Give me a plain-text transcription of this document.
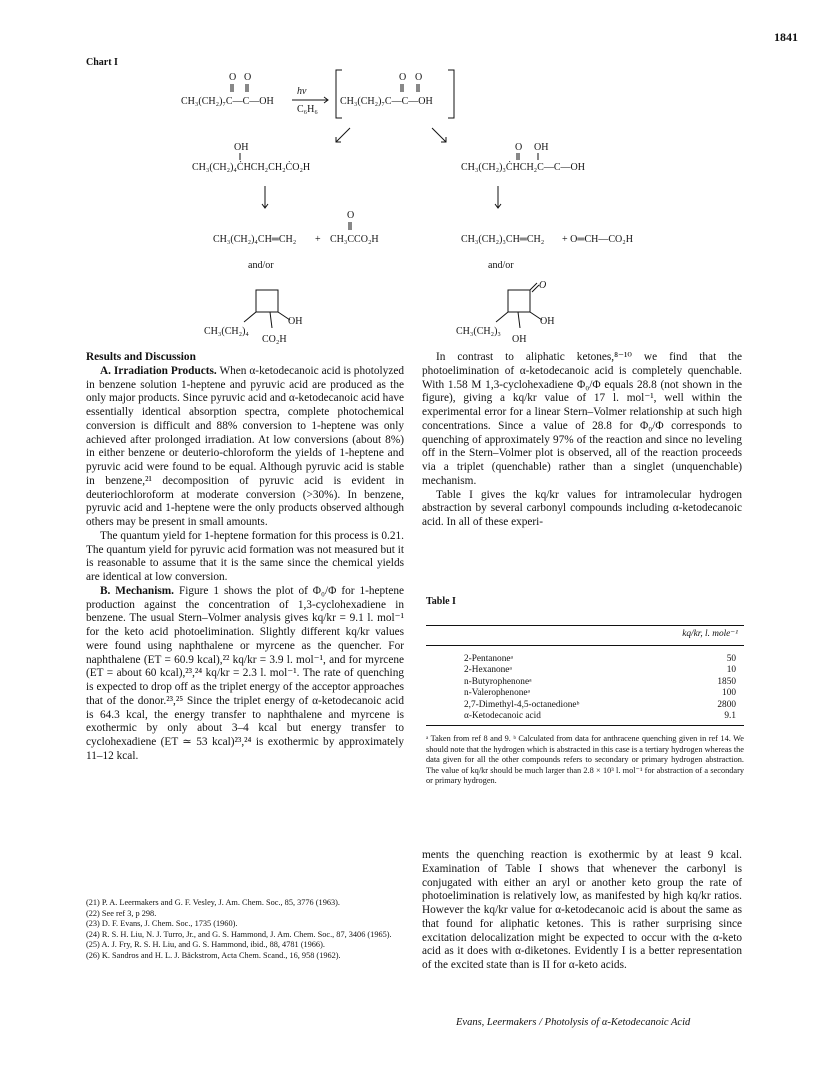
1841
Chart I
O O
CH₃(CH₂)₇C—C—OH
hν
C₆H₆
O O
CH₃(CH₂)₇C—C—OH
OH
CH₃(CH₂)₄ĊHCH₂CH₂ĊO₂H
O OH
CH₃(CH₂)₃ĊHCH₂C—C—OH
O
CH₃(CH₂)₄CH═CH₂ + CH₃CCO₂H	CH₃(CH₂)₃CH═CH₂ + O═CH—CO₂H
and/or	and/or
OH
CH₃(CH₂)₄
CO₂H
O
OH
CH₃(CH₂)₃
OH
Results and Discussion

A. Irradiation Products. When α-ketodecanoic acid is photolyzed in benzene solution 1-heptene and pyruvic acid are produced as the only major products. Since pyruvic acid and α-ketodecanoic acid have essentially identical absorption spectra, complete photochemical conversion is difficult and 88% conversion to 1-heptene was only achieved after prolonged irradiation. At low conversions (about 8%) in either benzene or deuterio-chloroform the yields of 1-heptene and pyruvic acid were found to be equal. Although pyruvic acid is stable in benzene,²¹ decomposition of pyruvic acid is evident in deuteriochloroform at moderate conversion (>30%). In benzene, pyruvic acid and 1-heptene were the only products observed although others may be present in small amounts.

The quantum yield for 1-heptene formation for this process is 0.21. The quantum yield for pyruvic acid formation was not measured but it is reasonable to assume that it is the same since the chemical yields are identical at low conversion.

B. Mechanism. Figure 1 shows the plot of Φ₀/Φ for 1-heptene production against the concentration of 1,3-cyclohexadiene in benzene. The usual Stern–Volmer analysis gives kq/kr = 9.1 l. mol⁻¹ for the keto acid photoelimination. Slightly different kq/kr values were found using naphthalene or myrcene as the quencher. For naphthalene (ET = 60.9 kcal),²² kq/kr = 3.9 l. mol⁻¹, and for myrcene (ET = about 60 kcal),²³,²⁴ kq/kr = 2.3 l. mol⁻¹. The rate of quenching is expected to drop off as the triplet energy of the acceptor approaches that of the donor.²³,²⁵ Since the triplet energy of α-ketodecanoic acid is 64.3 kcal, the energy transfer to naphthalene and myrcene is exothermic by only about 3–4 kcal but energy transfer to cyclohexadiene (ET ≃ 53 kcal)²³,²⁴ is exothermic by approximately 11–12 kcal.

(21) P. A. Leermakers and G. F. Vesley, J. Am. Chem. Soc., 85, 3776 (1963).
(22) See ref 3, p 298.
(23) D. F. Evans, J. Chem. Soc., 1735 (1960).
(24) R. S. H. Liu, N. J. Turro, Jr., and G. S. Hammond, J. Am. Chem. Soc., 87, 3406 (1965).
(25) A. J. Fry, R. S. H. Liu, and G. S. Hammond, ibid., 88, 4781 (1966).
(26) K. Sandros and H. L. J. Bäckstrom, Acta Chem. Scand., 16, 958 (1962).

In contrast to aliphatic ketones,⁸⁻¹⁰ we find that the photoelimination of α-ketodecanoic acid is completely quenchable. With 1.58 M 1,3-cyclohexadiene Φ₀/Φ equals 28.8 (not shown in the figure), giving a kq/kr value of 17 l. mol⁻¹, well within the experimental error for a linear Stern–Volmer relationship at such high concentrations. Since a value of 28.8 for Φ₀/Φ corresponds to quenching of approximately 97% of the reaction and since no leveling off in the Stern–Volmer plot is observed, all of the reaction proceeds via a triplet (quenchable) rather than a singlet (unquenchable) mechanism.

Table I gives the kq/kr values for intramolecular hydrogen abstraction by several carbonyl compounds including α-ketodecanoic acid. In all of these experi-

Table I
	kq/kr, l. mole⁻¹

2-Pentanoneᵃ	50
2-Hexanoneᵃ	10
n-Butyrophenoneᵃ	1850
n-Valerophenoneᵃ	100
2,7-Dimethyl-4,5-octanedioneᵇ	2800
α-Ketodecanoic acid	9.1
ᵃ Taken from ref 8 and 9. ᵇ Calculated from data for anthracene quenching given in ref 14. We should note that the hydrogen which is abstracted in this case is a tertiary hydrogen whereas the data given for all the other compounds refers to secondary or primary hydrogen abstraction. The value of kq/kr should be much larger than 2.8 × 10³ l. mol⁻¹ for abstraction of a secondary or primary hydrogen.

ments the quenching reaction is exothermic by at least 9 kcal. Examination of Table I shows that whenever the carbonyl is conjugated with either an aryl or another keto group the rate of photoelimination is relatively low, as manifested by high kq/kr ratios. However the kq/kr value for α-ketodecanoic acid is about the same as that found for aliphatic ketones. This is rather surprising since excitation delocalization might be expected to occur with the α-keto acid as it does with α-diketones. Evidently I is a better representation of the excited state than is II for α-keto acids.

Evans, Leermakers / Photolysis of α-Ketodecanoic Acid
